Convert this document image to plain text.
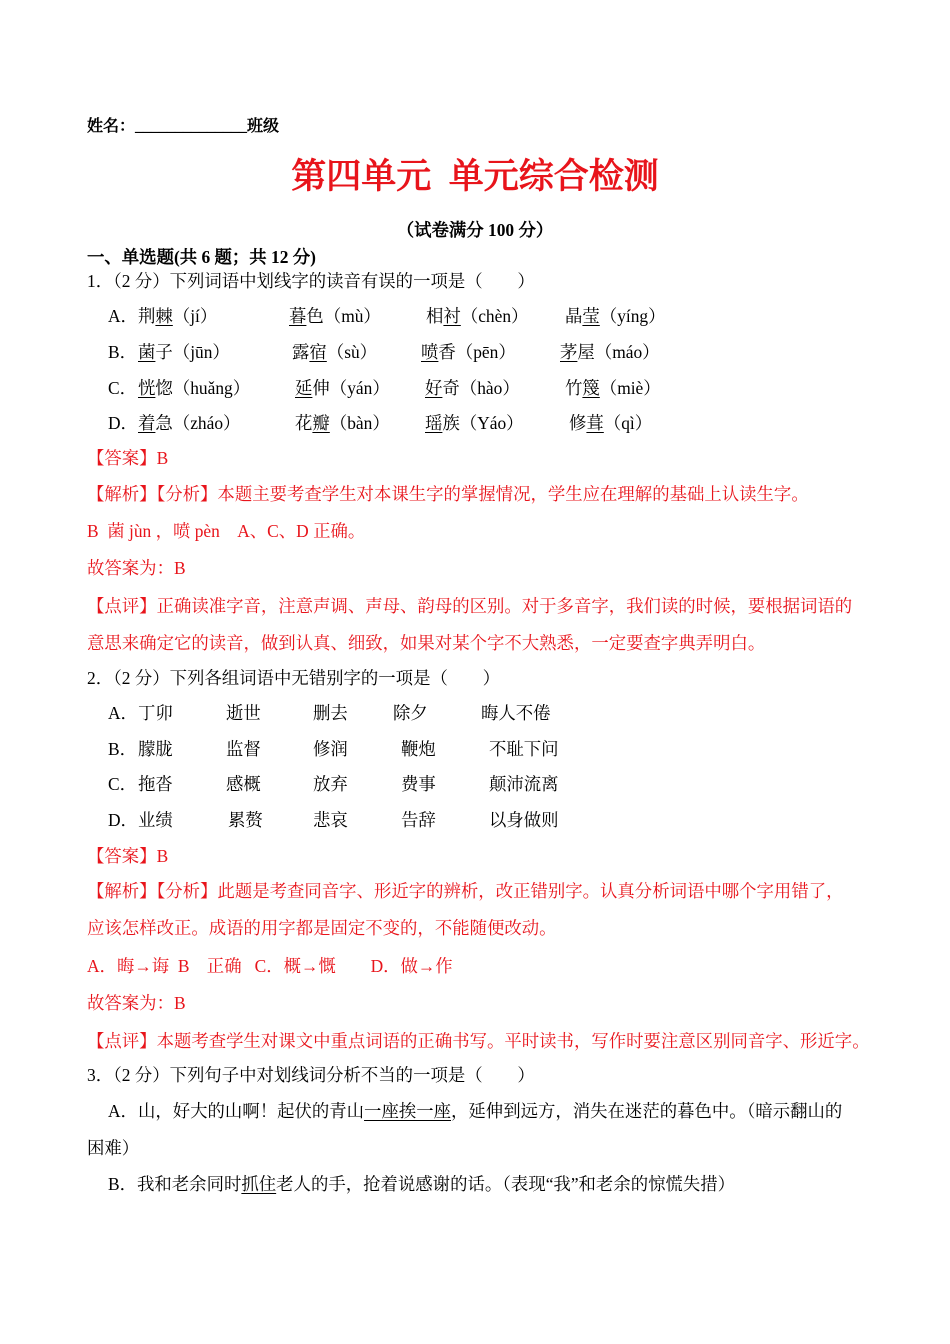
姓名：______________班级
第四单元  单元综合检测
（试卷满分 100 分）
一、单选题(共 6 题；共 12 分)
1．（2 分）下列词语中划线字的读音有误的一项是（　　）
A． 荆棘（jí）	暮色（mù）	相衬（chèn） 晶莹（yíng）
B． 菌子（jūn）	露宿（sù）	喷香（pēn）	茅屋（máo）
C． 恍惚（huǎng）	延伸（yán） 好奇（hào）	竹篾（miè）
D． 着急（zháo）	花瓣（bàn） 瑶族（Yáo）	修葺（qì）
【答案】B
【解析】【分析】本题主要考查学生对本课生字的掌握情况，学生应在理解的基础上认读生字。
B  菌 jùn ，喷 pèn　A、C、D 正确。
故答案为：B
【点评】正确读准字音，注意声调、声母、韵母的区别。对于多音字，我们读的时候，要根据词语的
意思来确定它的读音，做到认真、细致，如果对某个字不大熟悉，一定要查字典弄明白。
2．（2 分）下列各组词语中无错别字的一项是（　　）
A． 丁卯	逝世	删去	除夕	晦人不倦
B． 朦胧	监督	修润	鞭炮	不耻下问
C． 拖沓	感概	放弃	费事	颠沛流离
D． 业绩	累赘	悲哀	告辞	以身做则
【答案】B
【解析】【分析】此题是考查同音字、形近字的辨析，改正错别字。认真分析词语中哪个字用错了，
应该怎样改正。成语的用字都是固定不变的，不能随便改动。
A．晦→诲  B    正确   C．概→慨        D．做→作
故答案为：B
【点评】本题考查学生对课文中重点词语的正确书写。平时读书，写作时要注意区别同音字、形近字。
3．（2 分）下列句子中对划线词分析不当的一项是（　　）
A．山，好大的山啊！起伏的青山一座挨一座，延伸到远方，消失在迷茫的暮色中。（暗示翻山的
困难）
B．我和老余同时抓住老人的手，抢着说感谢的话。（表现“我”和老余的惊慌失措）
